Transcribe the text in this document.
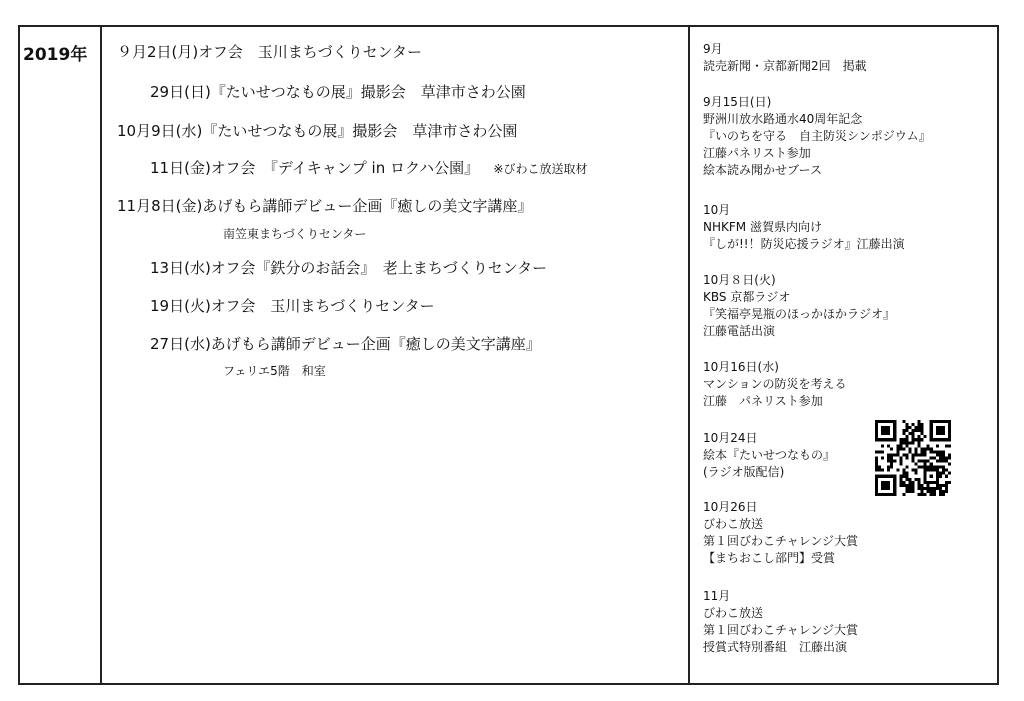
2019年 ９月2日(月)オフ会　玉川まちづくりセンター
29日(日)『たいせつなもの展』撮影会　草津市さわ公園
10月9日(水)『たいせつなもの展』撮影会　草津市さわ公園
11日(金)オフ会　『デイキャンプ in ロクハ公園』 ※びわこ放送取材
11月8日(金)あげもら講師デビュー企画『癒しの美文字講座』
南笠東まちづくりセンター
13日(水)オフ会『鉄分のお話会』　老上まちづくりセンター
19日(火)オフ会　玉川まちづくりセンター
27日(水)あげもら講師デビュー企画『癒しの美文字講座』
フェリエ5階　和室
9月
読売新聞・京都新聞2回　掲載
9月15日(日)
野洲川放水路通水40周年記念
『いのちを守る　自主防災シンポジウム』
江藤パネリスト参加
絵本読み聞かせブース
10月
NHKFM 滋賀県内向け
『しが!!！防災応援ラジオ』江藤出演
10月８日(火)
KBS 京都ラジオ
『笑福亭晃瓶のほっかほかラジオ』
江藤電話出演
10月16日(水)
マンションの防災を考える
江藤　パネリスト参加
10月24日
絵本『たいせつなもの』
(ラジオ版配信)
10月26日
びわこ放送
第１回びわこチャレンジ大賞
【まちおこし部門】受賞
11月
びわこ放送
第１回びわこチャレンジ大賞
授賞式特別番組　江藤出演
